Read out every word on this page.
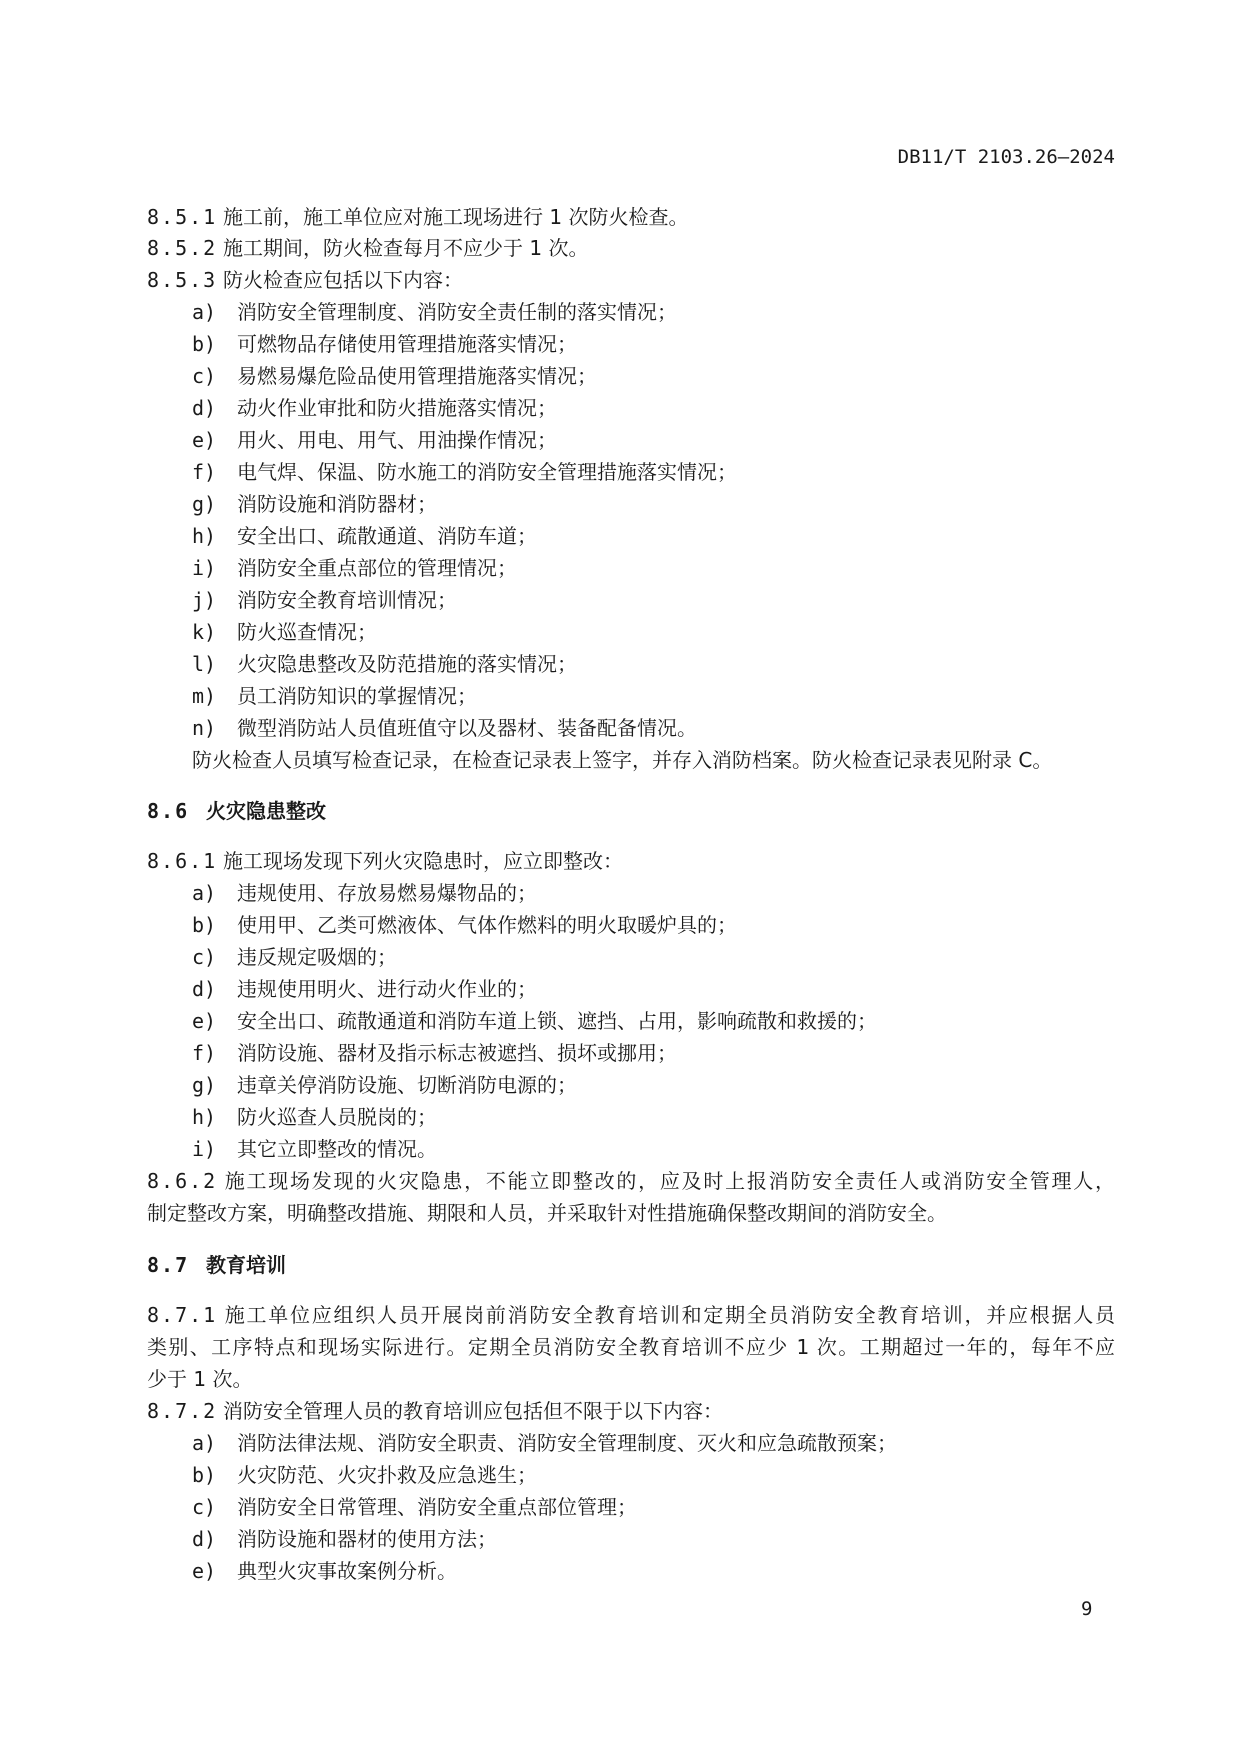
DB11/T 2103.26—2024
8.5.1 施工前，施工单位应对施工现场进行 1 次防火检查。
8.5.2 施工期间，防火检查每月不应少于 1 次。
8.5.3 防火检查应包括以下内容：
a) 消防安全管理制度、消防安全责任制的落实情况；
b) 可燃物品存储使用管理措施落实情况；
c) 易燃易爆危险品使用管理措施落实情况；
d) 动火作业审批和防火措施落实情况；
e) 用火、用电、用气、用油操作情况；
f) 电气焊、保温、防水施工的消防安全管理措施落实情况；
g) 消防设施和消防器材；
h) 安全出口、疏散通道、消防车道；
i) 消防安全重点部位的管理情况；
j) 消防安全教育培训情况；
k) 防火巡查情况；
l) 火灾隐患整改及防范措施的落实情况；
m) 员工消防知识的掌握情况；
n) 微型消防站人员值班值守以及器材、装备配备情况。
防火检查人员填写检查记录，在检查记录表上签字，并存入消防档案。防火检查记录表见附录 C。
8.6 火灾隐患整改
8.6.1 施工现场发现下列火灾隐患时，应立即整改：
a) 违规使用、存放易燃易爆物品的；
b) 使用甲、乙类可燃液体、气体作燃料的明火取暖炉具的；
c) 违反规定吸烟的；
d) 违规使用明火、进行动火作业的；
e) 安全出口、疏散通道和消防车道上锁、遮挡、占用，影响疏散和救援的；
f) 消防设施、器材及指示标志被遮挡、损坏或挪用；
g) 违章关停消防设施、切断消防电源的；
h) 防火巡查人员脱岗的；
i) 其它立即整改的情况。
8.6.2 施工现场发现的火灾隐患，不能立即整改的，应及时上报消防安全责任人或消防安全管理人，
制定整改方案，明确整改措施、期限和人员，并采取针对性措施确保整改期间的消防安全。
8.7 教育培训
8.7.1 施工单位应组织人员开展岗前消防安全教育培训和定期全员消防安全教育培训，并应根据人员
类别、工序特点和现场实际进行。定期全员消防安全教育培训不应少 1 次。工期超过一年的，每年不应
少于 1 次。
8.7.2 消防安全管理人员的教育培训应包括但不限于以下内容：
a) 消防法律法规、消防安全职责、消防安全管理制度、灭火和应急疏散预案；
b) 火灾防范、火灾扑救及应急逃生；
c) 消防安全日常管理、消防安全重点部位管理；
d) 消防设施和器材的使用方法；
e) 典型火灾事故案例分析。
9
